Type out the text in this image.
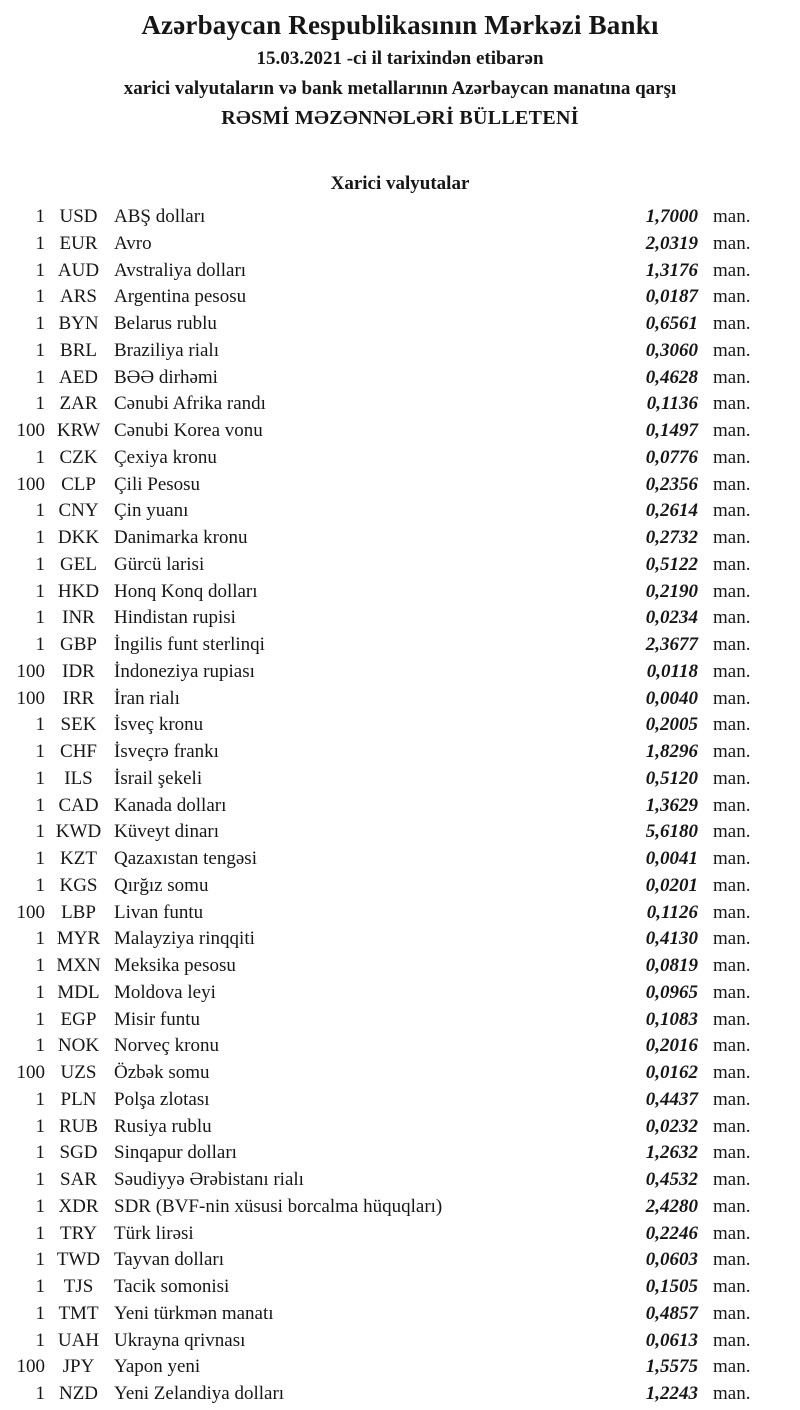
Azərbaycan Respublikasının Mərkəzi Bankı
15.03.2021 -ci il tarixindən etibarən
xarici valyutaların və bank metallarının Azərbaycan manatına qarşı
RƏSMİ MƏZƏNNƏLƏRİ BÜLLETENİ
Xarici valyutalar
1 USD ABŞ dolları	1,7000 man.
1 EUR Avro	2,0319 man.
1 AUD Avstraliya dolları	1,3176 man.
1 ARS Argentina pesosu	0,0187 man.
1 BYN Belarus rublu	0,6561 man.
1 BRL Braziliya rialı	0,3060 man.
1 AED BƏƏ dirhəmi	0,4628 man.
1 ZAR Cənubi Afrika randı	0,1136 man.
100 KRW Cənubi Korea vonu	0,1497 man.
1 CZK Çexiya kronu	0,0776 man.
100 CLP Çili Pesosu	0,2356 man.
1 CNY Çin yuanı	0,2614 man.
1 DKK Danimarka kronu	0,2732 man.
1 GEL Gürcü larisi	0,5122 man.
1 HKD Honq Konq dolları	0,2190 man.
1 INR	Hindistan rupisi	0,0234 man.
1 GBP İngilis funt sterlinqi	2,3677 man.
100 IDR	İndoneziya rupiası	0,0118 man.
100 IRR	İran rialı	0,0040 man.
1 SEK İsveç kronu	0,2005 man.
1 CHF İsveçrə frankı	1,8296 man.
1	ILS	İsrail şekeli	0,5120 man.
1 CAD Kanada dolları	1,3629 man.
1 KWD Küveyt dinarı	5,6180 man.
1 KZT Qazaxıstan tengəsi	0,0041 man.
1 KGS Qırğız somu	0,0201 man.
100 LBP Livan funtu	0,1126 man.
1 MYR Malayziya rinqqiti	0,4130 man.
1 MXN Meksika pesosu	0,0819 man.
1 MDL Moldova leyi	0,0965 man.
1 EGP Misir funtu	0,1083 man.
1 NOK Norveç kronu	0,2016 man.
100 UZS Özbək somu	0,0162 man.
1 PLN Polşa zlotası	0,4437 man.
1 RUB Rusiya rublu	0,0232 man.
1 SGD Sinqapur dolları	1,2632 man.
1 SAR Səudiyyə Ərəbistanı rialı	0,4532 man.
1 XDR SDR (BVF-nin xüsusi borcalma hüquqları)	2,4280 man.
1 TRY Türk lirəsi	0,2246 man.
1 TWD Tayvan dolları	0,0603 man.
1 TJS	Tacik somonisi	0,1505 man.
1 TMT Yeni türkmən manatı	0,4857 man.
1 UAH Ukrayna qrivnası	0,0613 man.
100 JPY	Yapon yeni	1,5575 man.
1 NZD Yeni Zelandiya dolları	1,2243 man.
